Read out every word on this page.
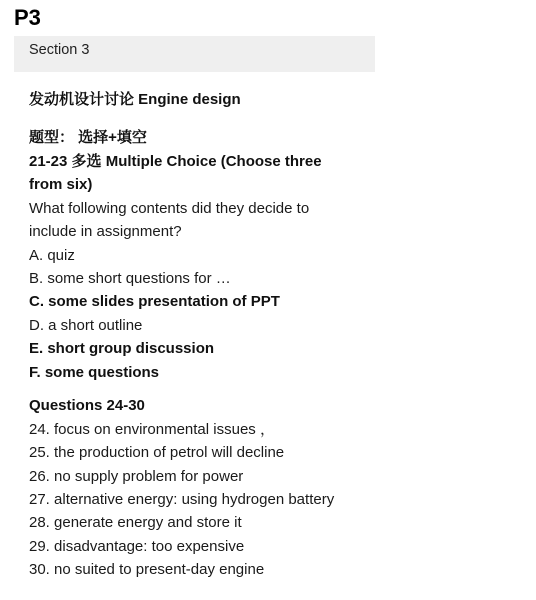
P3
Section 3
发动机设计讨论 Engine design
题型： 选择+填空
21-23 多选 Multiple Choice (Choose three
from six)
What following contents did they decide to
include in assignment?
A. quiz
B. some short questions for …
C. some slides presentation of PPT
D. a short outline
E. short group discussion
F. some questions
Questions 24-30
24. focus on environmental issues ，
25. the production of petrol will decline
26. no supply problem for power
27. alternative energy: using hydrogen battery
28. generate energy and store it
29. disadvantage: too expensive
30. no suited to present-day engine
